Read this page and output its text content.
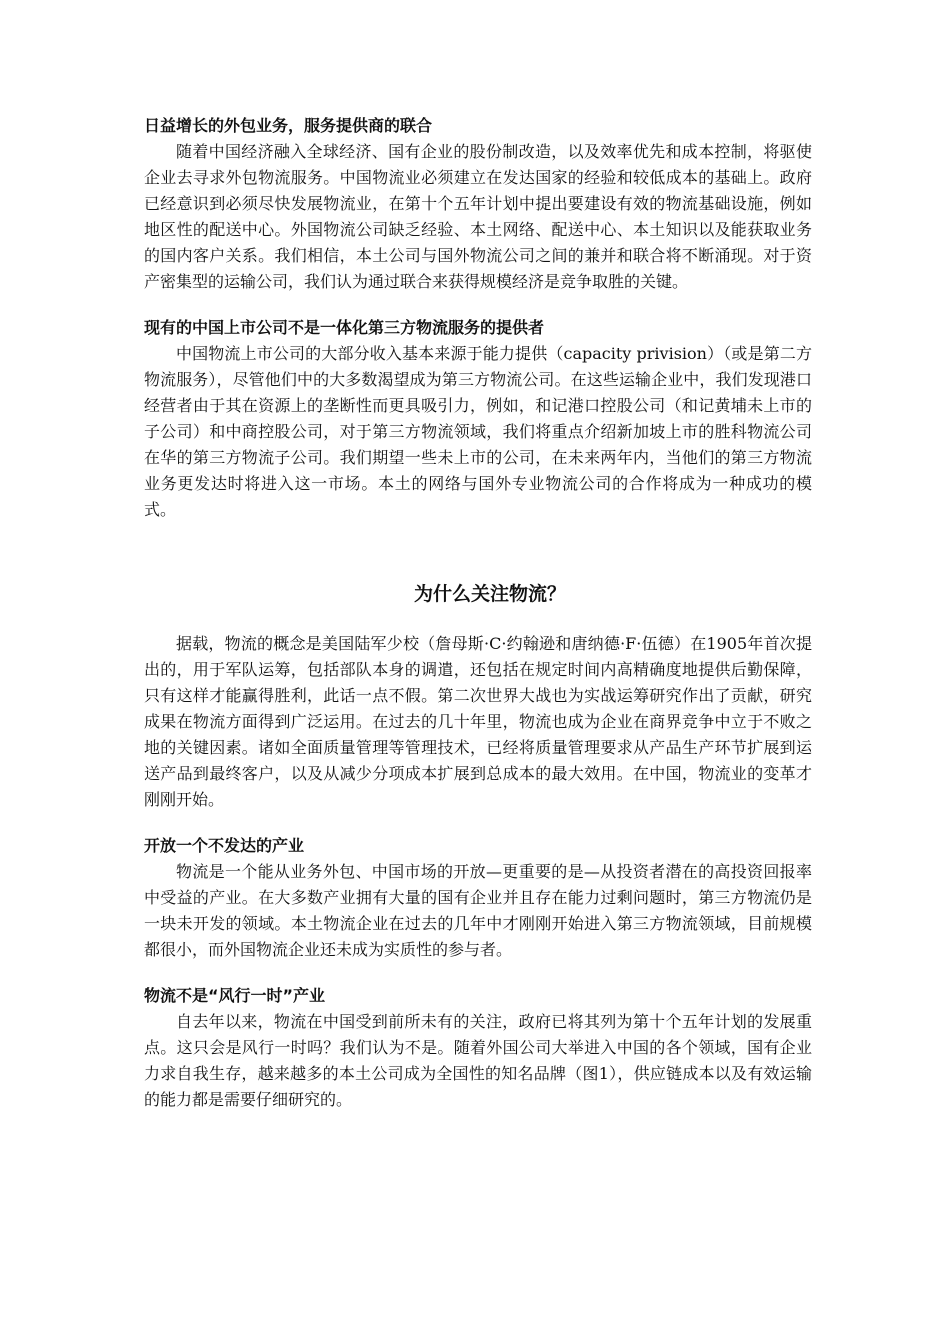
日益增长的外包业务，服务提供商的联合

随着中国经济融入全球经济、国有企业的股份制改造，以及效率优先和成本控制，将驱使企业去寻求外包物流服务。中国物流业必须建立在发达国家的经验和较低成本的基础上。政府已经意识到必须尽快发展物流业，在第十个五年计划中提出要建设有效的物流基础设施，例如地区性的配送中心。外国物流公司缺乏经验、本土网络、配送中心、本土知识以及能获取业务的国内客户关系。我们相信，本土公司与国外物流公司之间的兼并和联合将不断涌现。对于资产密集型的运输公司，我们认为通过联合来获得规模经济是竞争取胜的关键。

现有的中国上市公司不是一体化第三方物流服务的提供者

中国物流上市公司的大部分收入基本来源于能力提供（capacity privision）（或是第二方物流服务），尽管他们中的大多数渴望成为第三方物流公司。在这些运输企业中，我们发现港口经营者由于其在资源上的垄断性而更具吸引力，例如，和记港口控股公司（和记黄埔未上市的子公司）和中商控股公司，对于第三方物流领域，我们将重点介绍新加坡上市的胜科物流公司在华的第三方物流子公司。我们期望一些未上市的公司，在未来两年内，当他们的第三方物流业务更发达时将进入这一市场。本土的网络与国外专业物流公司的合作将成为一种成功的模式。

为什么关注物流？

据载，物流的概念是美国陆军少校（詹母斯·C·约翰逊和唐纳德·F·伍德）在1905年首次提出的，用于军队运筹，包括部队本身的调遣，还包括在规定时间内高精确度地提供后勤保障，只有这样才能赢得胜利，此话一点不假。第二次世界大战也为实战运筹研究作出了贡献，研究成果在物流方面得到广泛运用。在过去的几十年里，物流也成为企业在商界竞争中立于不败之地的关键因素。诸如全面质量管理等管理技术，已经将质量管理要求从产品生产环节扩展到运送产品到最终客户，以及从减少分项成本扩展到总成本的最大效用。在中国，物流业的变革才刚刚开始。

开放一个不发达的产业

物流是一个能从业务外包、中国市场的开放—更重要的是—从投资者潜在的高投资回报率中受益的产业。在大多数产业拥有大量的国有企业并且存在能力过剩问题时，第三方物流仍是一块未开发的领域。本土物流企业在过去的几年中才刚刚开始进入第三方物流领域，目前规模都很小，而外国物流企业还未成为实质性的参与者。

物流不是“风行一时”产业

自去年以来，物流在中国受到前所未有的关注，政府已将其列为第十个五年计划的发展重点。这只会是风行一时吗？我们认为不是。随着外国公司大举进入中国的各个领域，国有企业力求自我生存，越来越多的本土公司成为全国性的知名品牌（图1），供应链成本以及有效运输的能力都是需要仔细研究的。
